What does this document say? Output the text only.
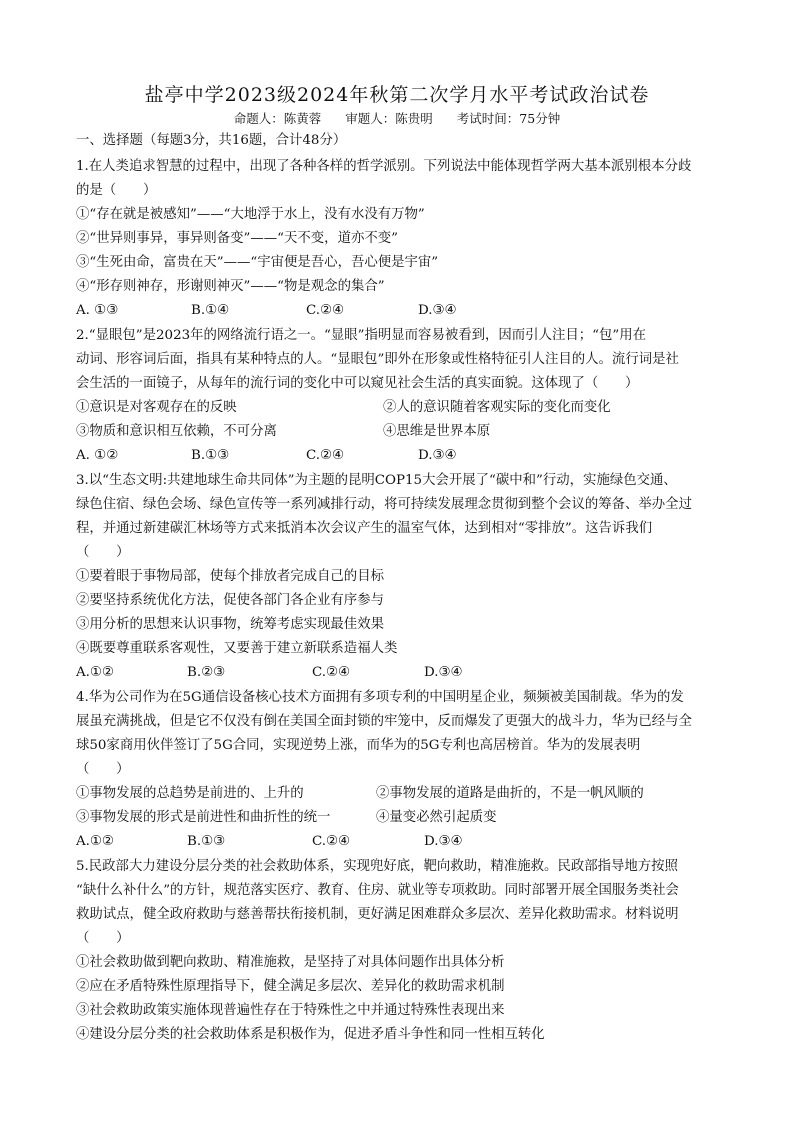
盐亭中学2023级2024年秋第二次学月水平考试政治试卷
命题人：陈黄蓉 审题人：陈贵明 考试时间：75分钟
一、选择题（每题3分，共16题，合计48分）
1.在人类追求智慧的过程中，出现了各种各样的哲学派别。下列说法中能体现哲学两大基本派别根本分歧
的是（　　）
①“存在就是被感知”——“大地浮于水上，没有水没有万物”
②“世异则事异，事异则备变”——“天不变，道亦不变”
③“生死由命，富贵在天”——“宇宙便是吾心，吾心便是宇宙”
④“形存则神存，形谢则神灭”——“物是观念的集合”
A. ①③	B.①④	C.②④	D.③④
2.“显眼包”是2023年的网络流行语之一。“显眼”指明显而容易被看到，因而引人注目；“包”用在
动词、形容词后面，指具有某种特点的人。“显眼包”即外在形象或性格特征引人注目的人。流行词是社
会生活的一面镜子，从每年的流行词的变化中可以窥见社会生活的真实面貌。这体现了（　　）
①意识是对客观存在的反映	②人的意识随着客观实际的变化而变化
③物质和意识相互依赖，不可分离	④思维是世界本原
A. ①②	B.①③	C.②④	D.③④
3.以“生态文明:共建地球生命共同体”为主题的昆明COP15大会开展了“碳中和”行动，实施绿色交通、
绿色住宿、绿色会场、绿色宣传等一系列减排行动，将可持续发展理念贯彻到整个会议的筹备、举办全过
程，并通过新建碳汇林场等方式来抵消本次会议产生的温室气体，达到相对“零排放”。这告诉我们
（　　）
①要着眼于事物局部，使每个排放者完成自己的目标
②要坚持系统优化方法，促使各部门各企业有序参与
③用分析的思想来认识事物，统筹考虑实现最佳效果
④既要尊重联系客观性，又要善于建立新联系造福人类
A.①②	B.②③	C.②④	D.③④
4.华为公司作为在5G通信设备核心技术方面拥有多项专利的中国明星企业，频频被美国制裁。华为的发
展虽充满挑战，但是它不仅没有倒在美国全面封锁的牢笼中，反而爆发了更强大的战斗力，华为已经与全
球50家商用伙伴签订了5G合同，实现逆势上涨，而华为的5G专利也高居榜首。华为的发展表明
（　　）
①事物发展的总趋势是前进的、上升的	②事物发展的道路是曲折的，不是一帆风顺的
③事物发展的形式是前进性和曲折性的统一	④量变必然引起质变
A.①②	B.①③	C.②④	D.③④
5.民政部大力建设分层分类的社会救助体系，实现兜好底，靶向救助，精准施救。民政部指导地方按照
“缺什么补什么”的方针，规范落实医疗、教育、住房、就业等专项救助。同时部署开展全国服务类社会
救助试点，健全政府救助与慈善帮扶衔接机制，更好满足困难群众多层次、差异化救助需求。材料说明
（　　）
①社会救助做到靶向救助、精准施救，是坚持了对具体问题作出具体分析
②应在矛盾特殊性原理指导下，健全满足多层次、差异化的救助需求机制
③社会救助政策实施体现普遍性存在于特殊性之中并通过特殊性表现出来
④建设分层分类的社会救助体系是积极作为，促进矛盾斗争性和同一性相互转化
